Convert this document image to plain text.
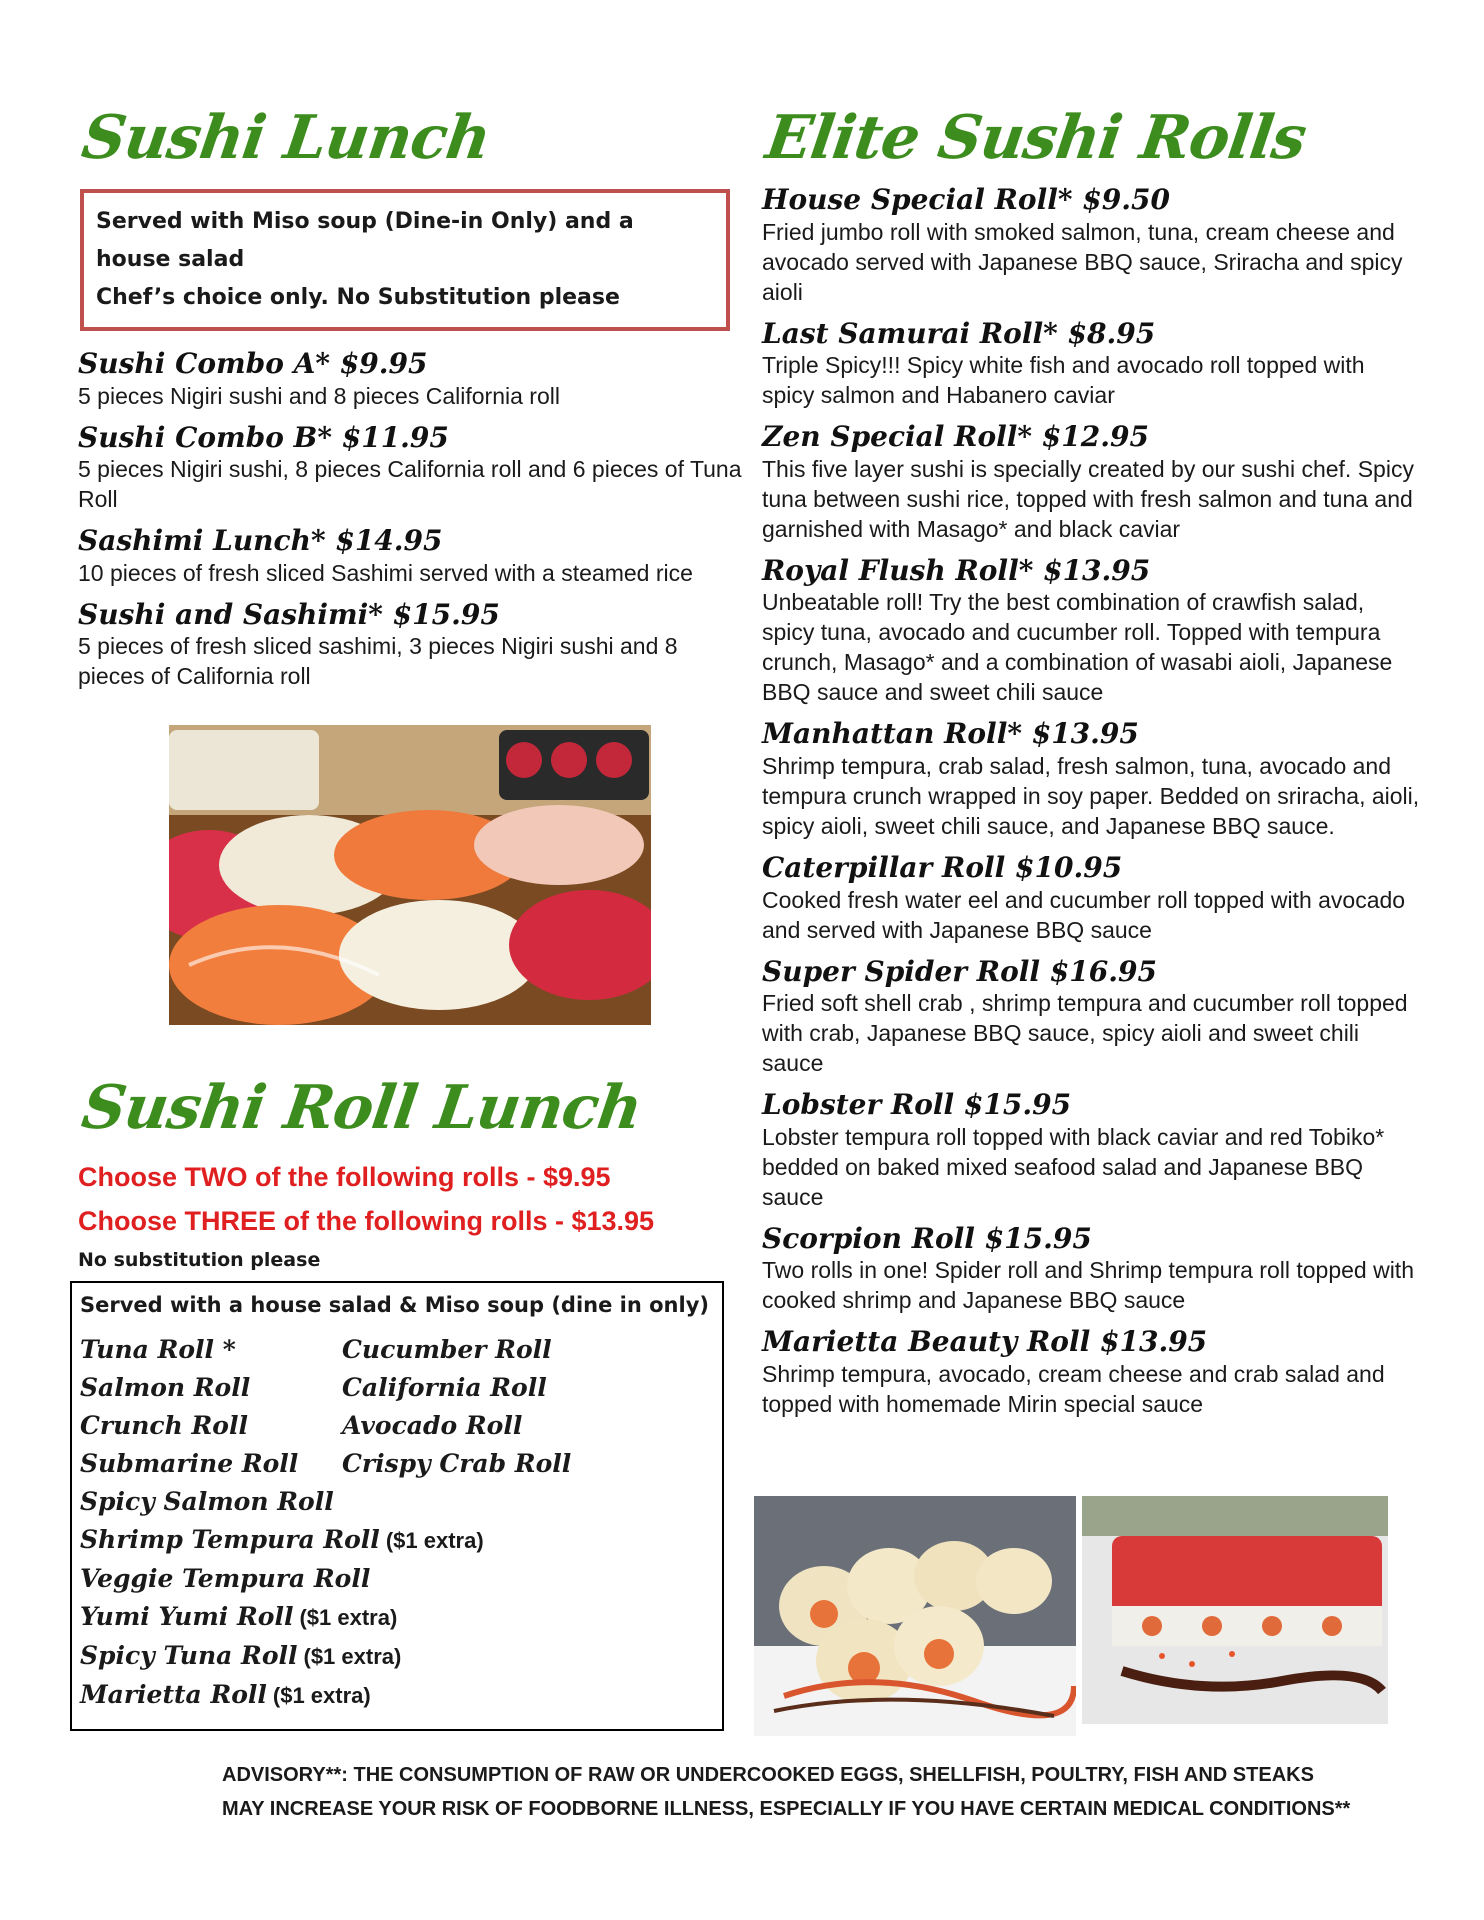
Sushi Lunch
Served with Miso soup (Dine-in Only) and a house salad
Chef’s choice only. No Substitution please

Sushi Combo A* $9.95

5 pieces Nigiri sushi and 8 pieces California roll

Sushi Combo B* $11.95

5 pieces Nigiri sushi, 8 pieces California roll and 6 pieces of Tuna Roll

Sashimi Lunch* $14.95

10 pieces of fresh sliced Sashimi served with a steamed rice

Sushi and Sashimi* $15.95

5 pieces of fresh sliced sashimi, 3 pieces Nigiri sushi and 8 pieces of California roll

Sushi Roll Lunch

Choose TWO of the following rolls - $9.95

Choose THREE of the following rolls - $13.95

No substitution please

Served with a house salad & Miso soup (dine in only)

Tuna Roll *	Cucumber Roll
Salmon Roll	California Roll
Crunch Roll	Avocado Roll
Submarine Roll	Crispy Crab Roll
Spicy Salmon Roll
Shrimp Tempura Roll ($1 extra)
Veggie Tempura Roll
Yumi Yumi Roll ($1 extra)
Spicy Tuna Roll ($1 extra)
Marietta Roll ($1 extra)
Elite Sushi Rolls

House Special Roll* $9.50

Fried jumbo roll with smoked salmon, tuna, cream cheese and avocado served with Japanese BBQ sauce, Sriracha and spicy aioli

Last Samurai Roll* $8.95

Triple Spicy!!! Spicy white fish and avocado roll topped with spicy salmon and Habanero caviar

Zen Special Roll* $12.95

This five layer sushi is specially created by our sushi chef. Spicy tuna between sushi rice, topped with fresh salmon and tuna and garnished with Masago* and black caviar

Royal Flush Roll* $13.95

Unbeatable roll! Try the best combination of crawfish salad, spicy tuna, avocado and cucumber roll. Topped with tempura crunch, Masago* and a combination of wasabi aioli, Japanese BBQ sauce and sweet chili sauce

Manhattan Roll* $13.95

Shrimp tempura, crab salad, fresh salmon, tuna, avocado and tempura crunch wrapped in soy paper. Bedded on sriracha, aioli, spicy aioli, sweet chili sauce, and Japanese BBQ sauce.

Caterpillar Roll $10.95

Cooked fresh water eel and cucumber roll topped with avocado and served with Japanese BBQ sauce

Super Spider Roll $16.95

Fried soft shell crab , shrimp tempura and cucumber roll topped with crab, Japanese BBQ sauce, spicy aioli and sweet chili sauce

Lobster Roll $15.95

Lobster tempura roll topped with black caviar and red Tobiko* bedded on baked mixed seafood salad and Japanese BBQ sauce

Scorpion Roll $15.95

Two rolls in one! Spider roll and Shrimp tempura roll topped with cooked shrimp and Japanese BBQ sauce

Marietta Beauty Roll $13.95

Shrimp tempura, avocado, cream cheese and crab salad and topped with homemade Mirin special sauce

ADVISORY**: THE CONSUMPTION OF RAW OR UNDERCOOKED EGGS, SHELLFISH, POULTRY, FISH AND STEAKS
MAY INCREASE YOUR RISK OF FOODBORNE ILLNESS, ESPECIALLY IF YOU HAVE CERTAIN MEDICAL CONDITIONS**
